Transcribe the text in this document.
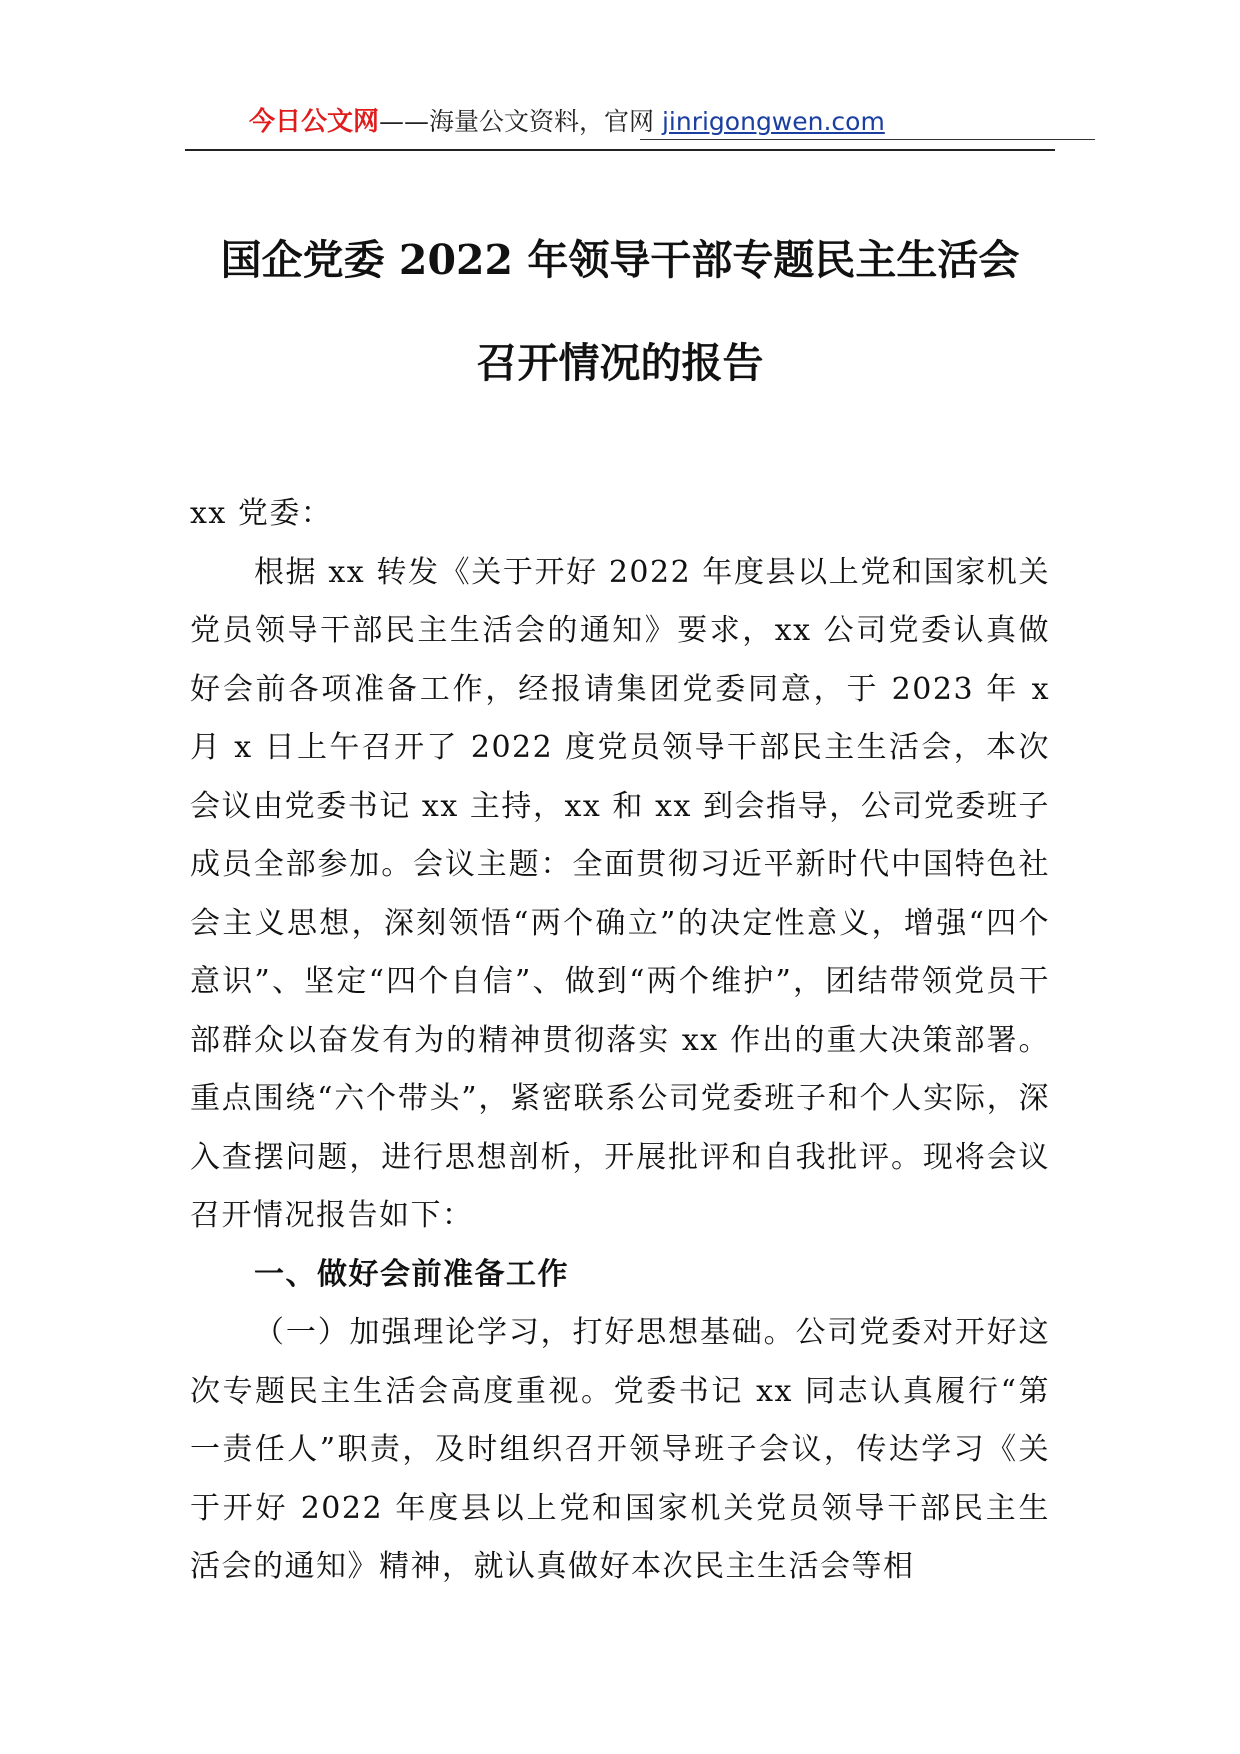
今日公文网——海量公文资料，官网 jinrigongwen.com
国企党委 2022 年领导干部专题民主生活会
召开情况的报告

xx 党委：

根据 xx 转发《关于开好 2022 年度县以上党和国家机关党员领导干部民主生活会的通知》要求，xx 公司党委认真做好会前各项准备工作，经报请集团党委同意，于 2023 年 x 月 x 日上午召开了 2022 度党员领导干部民主生活会，本次会议由党委书记 xx 主持，xx 和 xx 到会指导，公司党委班子成员全部参加。会议主题：全面贯彻习近平新时代中国特色社会主义思想，深刻领悟“两个确立”的决定性意义，增强“四个意识”、坚定“四个自信”、做到“两个维护”，团结带领党员干部群众以奋发有为的精神贯彻落实 xx 作出的重大决策部署。重点围绕“六个带头”，紧密联系公司党委班子和个人实际，深入查摆问题，进行思想剖析，开展批评和自我批评。现将会议召开情况报告如下：

一、做好会前准备工作

（一）加强理论学习，打好思想基础。公司党委对开好这次专题民主生活会高度重视。党委书记 xx 同志认真履行“第一责任人”职责，及时组织召开领导班子会议，传达学习《关于开好 2022 年度县以上党和国家机关党员领导干部民主生活会的通知》精神，就认真做好本次民主生活会等相
